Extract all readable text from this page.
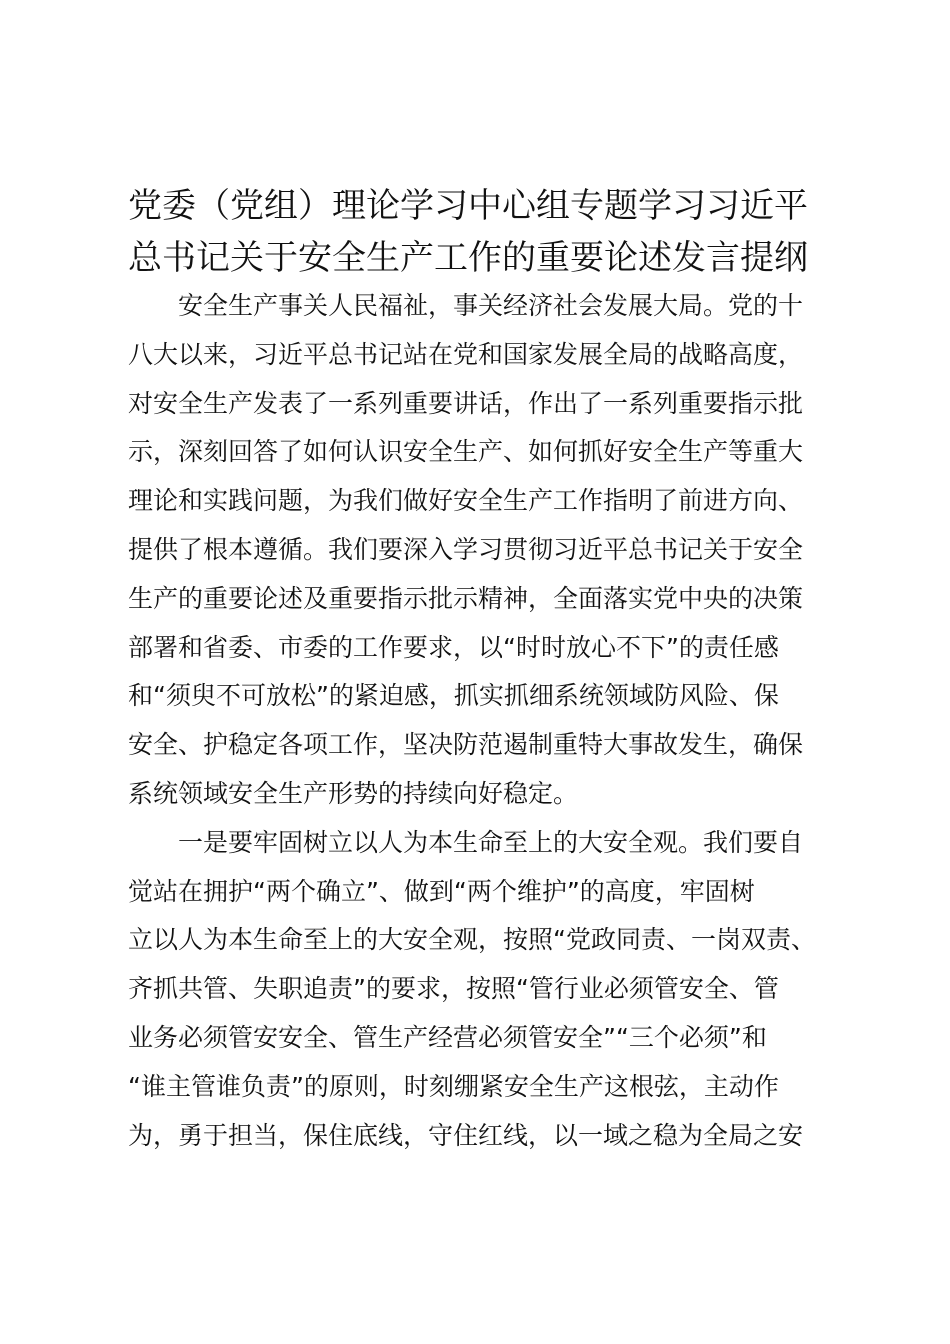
党委（党组）理论学习中心组专题学习习近平
总书记关于安全生产工作的重要论述发言提纲

安全生产事关人民福祉，事关经济社会发展大局。党的十
八大以来，习近平总书记站在党和国家发展全局的战略高度，
对安全生产发表了一系列重要讲话，作出了一系列重要指示批
示，深刻回答了如何认识安全生产、如何抓好安全生产等重大
理论和实践问题，为我们做好安全生产工作指明了前进方向、
提供了根本遵循。我们要深入学习贯彻习近平总书记关于安全
生产的重要论述及重要指示批示精神，全面落实党中央的决策
部署和省委、市委的工作要求，以“时时放心不下”的责任感
和“须臾不可放松”的紧迫感，抓实抓细系统领域防风险、保
安全、护稳定各项工作，坚决防范遏制重特大事故发生，确保
系统领域安全生产形势的持续向好稳定。

一是要牢固树立以人为本生命至上的大安全观。我们要自
觉站在拥护“两个确立”、做到“两个维护”的高度，牢固树
立以人为本生命至上的大安全观，按照“党政同责、一岗双责、
齐抓共管、失职追责”的要求，按照“管行业必须管安全、管
业务必须管安安全、管生产经营必须管安全”“三个必须”和
“谁主管谁负责”的原则，时刻绷紧安全生产这根弦，主动作
为，勇于担当，保住底线，守住红线，以一域之稳为全局之安
